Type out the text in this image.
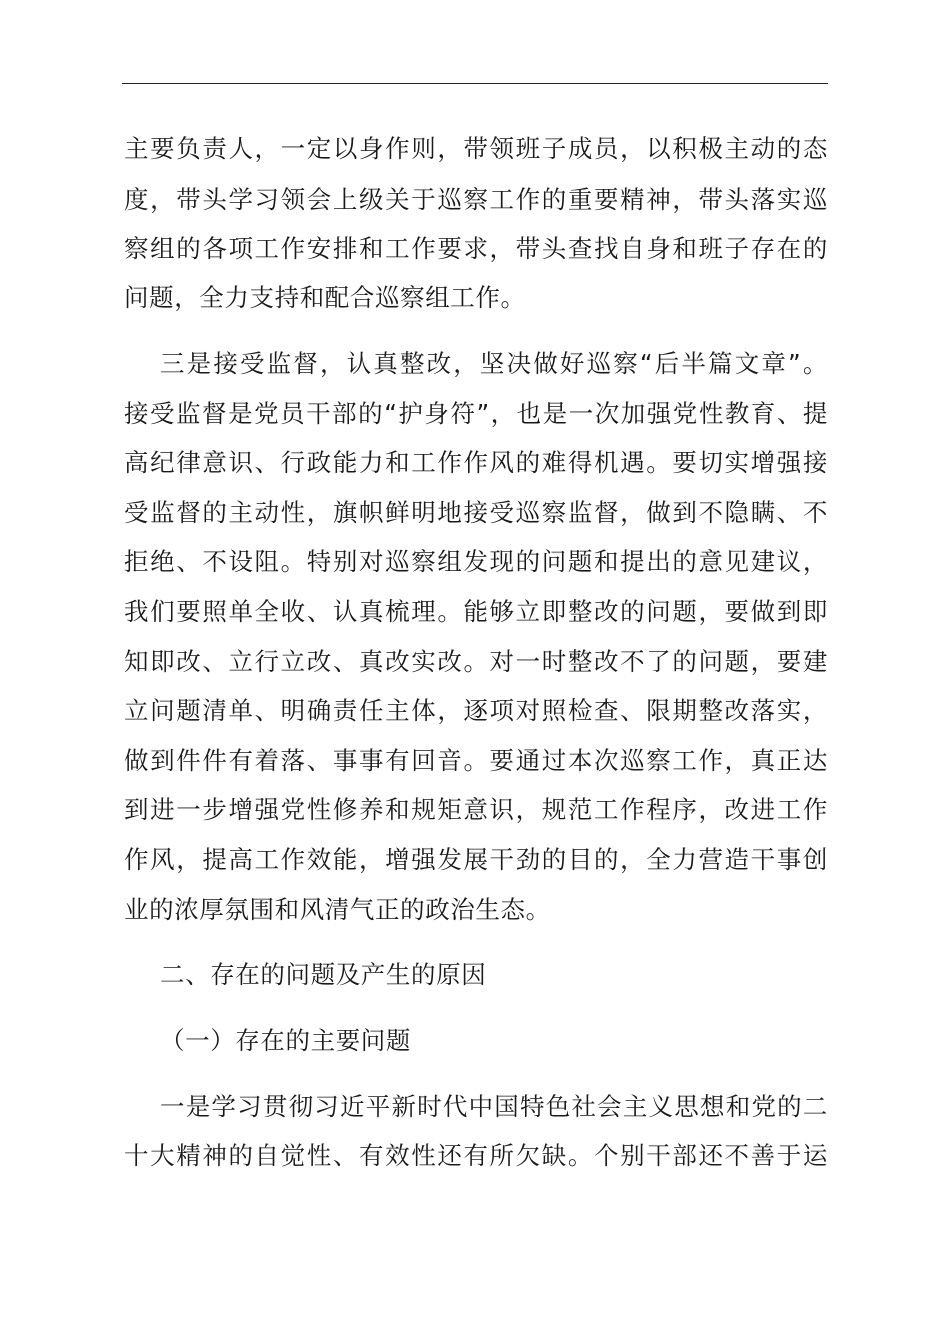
主要负责人，一定以身作则，带领班子成员，以积极主动的态
度，带头学习领会上级关于巡察工作的重要精神，带头落实巡
察组的各项工作安排和工作要求，带头查找自身和班子存在的
问题，全力支持和配合巡察组工作。
三是接受监督，认真整改，坚决做好巡察“后半篇文章”。
接受监督是党员干部的“护身符”，也是一次加强党性教育、提
高纪律意识、行政能力和工作作风的难得机遇。要切实增强接
受监督的主动性，旗帜鲜明地接受巡察监督，做到不隐瞒、不
拒绝、不设阻。特别对巡察组发现的问题和提出的意见建议，
我们要照单全收、认真梳理。能够立即整改的问题，要做到即
知即改、立行立改、真改实改。对一时整改不了的问题，要建
立问题清单、明确责任主体，逐项对照检查、限期整改落实，
做到件件有着落、事事有回音。要通过本次巡察工作，真正达
到进一步增强党性修养和规矩意识，规范工作程序，改进工作
作风，提高工作效能，增强发展干劲的目的，全力营造干事创
业的浓厚氛围和风清气正的政治生态。
二、存在的问题及产生的原因
（一）存在的主要问题
一是学习贯彻习近平新时代中国特色社会主义思想和党的二
十大精神的自觉性、有效性还有所欠缺。个别干部还不善于运
